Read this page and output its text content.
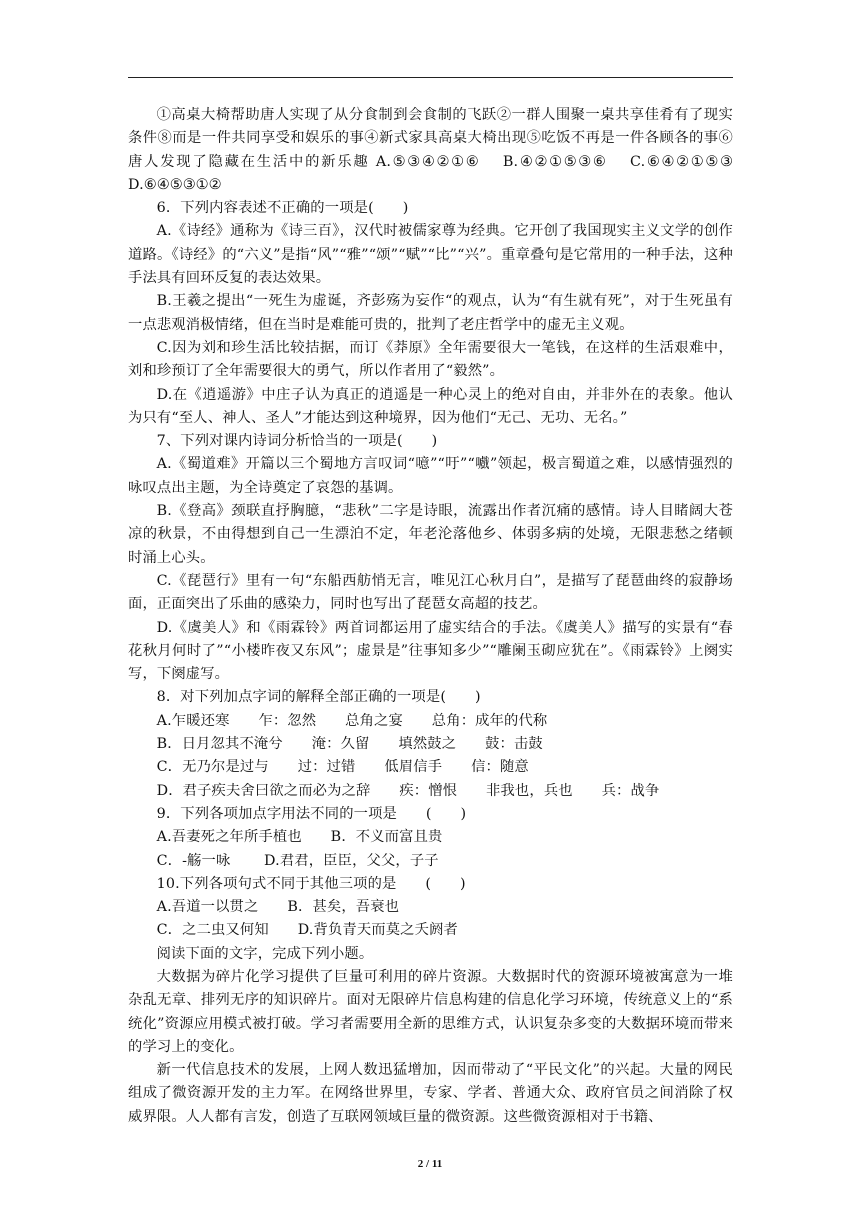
①高桌大椅帮助唐人实现了从分食制到会食制的飞跃②一群人围聚一桌共享佳肴有了现实条件⑧而是一件共同享受和娱乐的事④新式家具高桌大椅出现⑤吃饭不再是一件各顾各的事⑥唐人发现了隐藏在生活中的新乐趣 A.⑤③④②①⑥　 B.④②①⑤③⑥　 C.⑥④②①⑤③　 D.⑥④⑤③①②

6．下列内容表述不正确的一项是(　　)

A.《诗经》通称为《诗三百》，汉代时被儒家尊为经典。它开创了我国现实主义文学的创作道路。《诗经》的“六义”是指“风”“雅”“颂”“赋”“比”“兴”。重章叠句是它常用的一种手法，这种手法具有回环反复的表达效果。

B.王羲之提出“一死生为虚诞，齐彭殇为妄作“的观点，认为“有生就有死”，对于生死虽有一点悲观消极情绪，但在当时是难能可贵的，批判了老庄哲学中的虚无主义观。

C.因为刘和珍生活比较拮据，而订《莽原》全年需要很大一笔钱，在这样的生活艰难中，刘和珍预订了全年需要很大的勇气，所以作者用了“毅然”。

D.在《逍遥游》中庄子认为真正的逍遥是一种心灵上的绝对自由，并非外在的表象。他认为只有“至人、神人、圣人”才能达到这种境界，因为他们“无己、无功、无名。”

7、下列对课内诗词分析恰当的一项是(　　)

A.《蜀道难》开篇以三个蜀地方言叹词“噫”“吁”“嚱”领起，极言蜀道之难，以感情强烈的咏叹点出主题，为全诗奠定了哀怨的基调。

B.《登高》颈联直抒胸臆，“悲秋”二字是诗眼，流露出作者沉痛的感情。诗人目睹阔大苍凉的秋景，不由得想到自己一生漂泊不定，年老沦落他乡、体弱多病的处境，无限悲愁之绪顿时涌上心头。

C.《琵琶行》里有一句“东船西舫悄无言，唯见江心秋月白”，是描写了琵琶曲终的寂静场面，正面突出了乐曲的感染力，同时也写出了琵琶女高超的技艺。

D.《虞美人》和《雨霖铃》两首词都运用了虚实结合的手法。《虞美人》描写的实景有“春花秋月何时了”“小楼昨夜又东风”；虚景是”往事知多少”“雕阑玉砌应犹在”。《雨霖铃》上阕实写，下阕虚写。

8．对下列加点字词的解释全部正确的一项是(　　)

A.乍暖还寒　　乍：忽然　　总角之宴　　总角：成年的代称

B．日月忽其不淹兮　　淹：久留　　填然鼓之　　鼓：击鼓

C．无乃尔是过与　　过：过错　　低眉信手　　信：随意

D．君子疾夫舍曰欲之而必为之辞　　疾：憎恨　　非我也，兵也　　兵：战争

9．下列各项加点字用法不同的一项是　　(　　)

A.吾妻死之年所手植也　　B．不义而富且贵

C．-觞一咏　　 D.君君，臣臣，父父，子子

10.下列各项句式不同于其他三项的是　　(　　)

A.吾道一以贯之　　B．甚矣，吾衰也

C．之二虫又何知　　D.背负青天而莫之夭阏者

阅读下面的文字，完成下列小题。

大数据为碎片化学习提供了巨量可利用的碎片资源。大数据时代的资源环境被寓意为一堆杂乱无章、排列无序的知识碎片。面对无限碎片信息构建的信息化学习环境，传统意义上的“系统化”资源应用模式被打破。学习者需要用全新的思维方式，认识复杂多变的大数据环境而带来的学习上的变化。

新一代信息技术的发展，上网人数迅猛增加，因而带动了“平民文化”的兴起。大量的网民组成了微资源开发的主力军。在网络世界里，专家、学者、普通大众、政府官员之间消除了权威界限。人人都有言发，创造了互联网领域巨量的微资源。这些微资源相对于书籍、

2 / 11
